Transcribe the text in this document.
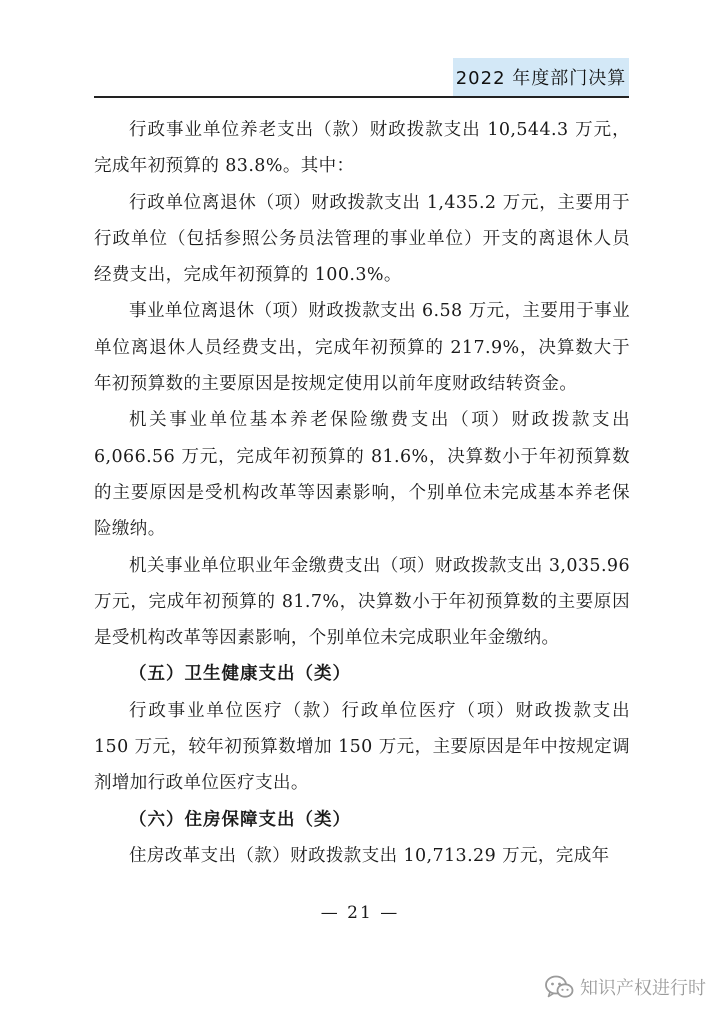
2022 年度部门决算

行政事业单位养老支出（款）财政拨款支出 10,544.3 万元，完成年初预算的 83.8%。其中：

行政单位离退休（项）财政拨款支出 1,435.2 万元，主要用于行政单位（包括参照公务员法管理的事业单位）开支的离退休人员经费支出，完成年初预算的 100.3%。

事业单位离退休（项）财政拨款支出 6.58 万元，主要用于事业单位离退休人员经费支出，完成年初预算的 217.9%，决算数大于年初预算数的主要原因是按规定使用以前年度财政结转资金。

机关事业单位基本养老保险缴费支出（项）财政拨款支出 6,066.56 万元，完成年初预算的 81.6%，决算数小于年初预算数的主要原因是受机构改革等因素影响，个别单位未完成基本养老保险缴纳。

机关事业单位职业年金缴费支出（项）财政拨款支出 3,035.96 万元，完成年初预算的 81.7%，决算数小于年初预算数的主要原因是受机构改革等因素影响，个别单位未完成职业年金缴纳。

（五）卫生健康支出（类）

行政事业单位医疗（款）行政单位医疗（项）财政拨款支出 150 万元，较年初预算数增加 150 万元，主要原因是年中按规定调剂增加行政单位医疗支出。

（六）住房保障支出（类）

住房改革支出（款）财政拨款支出 10,713.29 万元，完成年

— 21 —
知识产权进行时
